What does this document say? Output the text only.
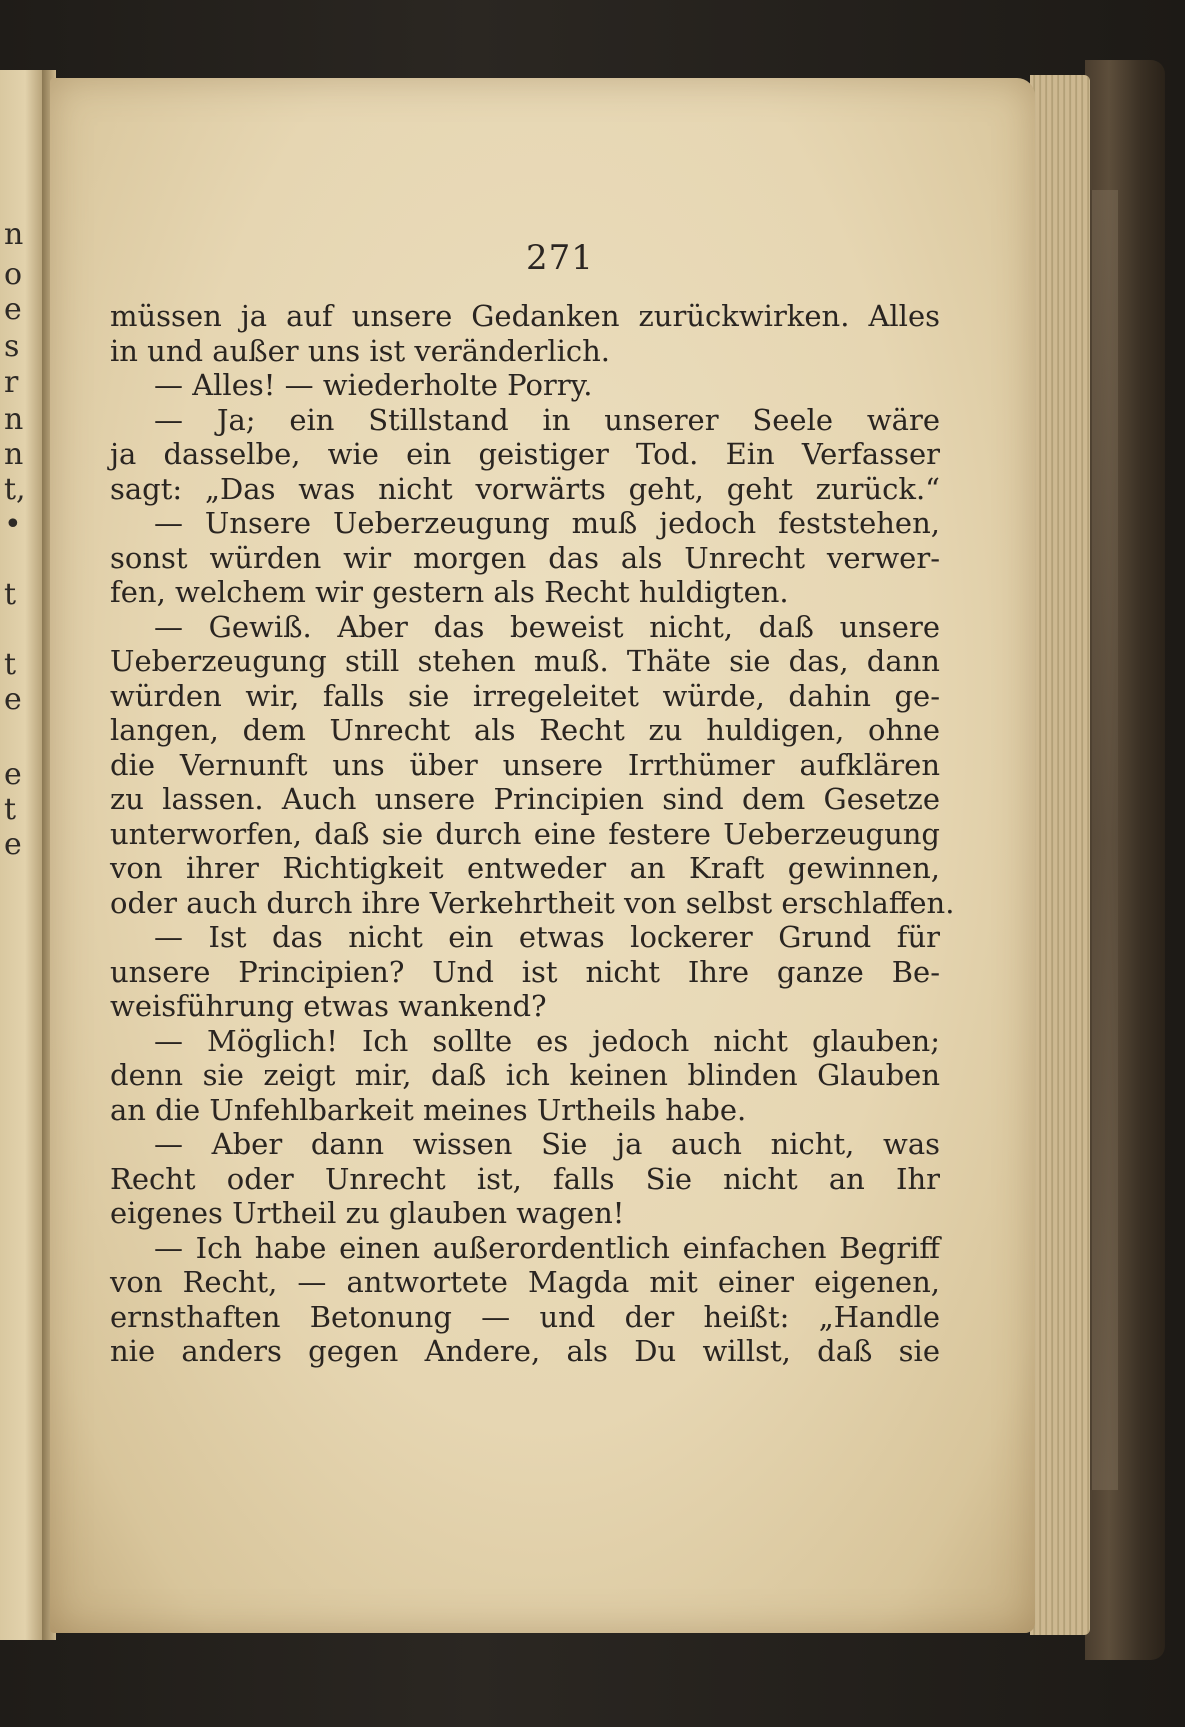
n
o
e
s
r
n
n
t,
•
t
t
e
e
t
e
271
müssen ja auf unsere Gedanken zurückwirken. Alles
in und außer uns ist veränderlich.
— Alles! — wiederholte Porry.
— Ja; ein Stillstand in unserer Seele wäre
ja dasselbe, wie ein geistiger Tod. Ein Verfasser
sagt: „Das was nicht vorwärts geht, geht zurück.“
— Unsere Ueberzeugung muß jedoch feststehen,
sonst würden wir morgen das als Unrecht verwer-
fen, welchem wir gestern als Recht huldigten.
— Gewiß. Aber das beweist nicht, daß unsere
Ueberzeugung still stehen muß. Thäte sie das, dann
würden wir, falls sie irregeleitet würde, dahin ge-
langen, dem Unrecht als Recht zu huldigen, ohne
die Vernunft uns über unsere Irrthümer aufklären
zu lassen. Auch unsere Principien sind dem Gesetze
unterworfen, daß sie durch eine festere Ueberzeugung
von ihrer Richtigkeit entweder an Kraft gewinnen,
oder auch durch ihre Verkehrtheit von selbst erschlaffen.
— Ist das nicht ein etwas lockerer Grund für
unsere Principien? Und ist nicht Ihre ganze Be-
weisführung etwas wankend?
— Möglich! Ich sollte es jedoch nicht glauben;
denn sie zeigt mir, daß ich keinen blinden Glauben
an die Unfehlbarkeit meines Urtheils habe.
— Aber dann wissen Sie ja auch nicht, was
Recht oder Unrecht ist, falls Sie nicht an Ihr
eigenes Urtheil zu glauben wagen!
— Ich habe einen außerordentlich einfachen Begriff
von Recht, — antwortete Magda mit einer eigenen,
ernsthaften Betonung — und der heißt: „Handle
nie anders gegen Andere, als Du willst, daß sie
